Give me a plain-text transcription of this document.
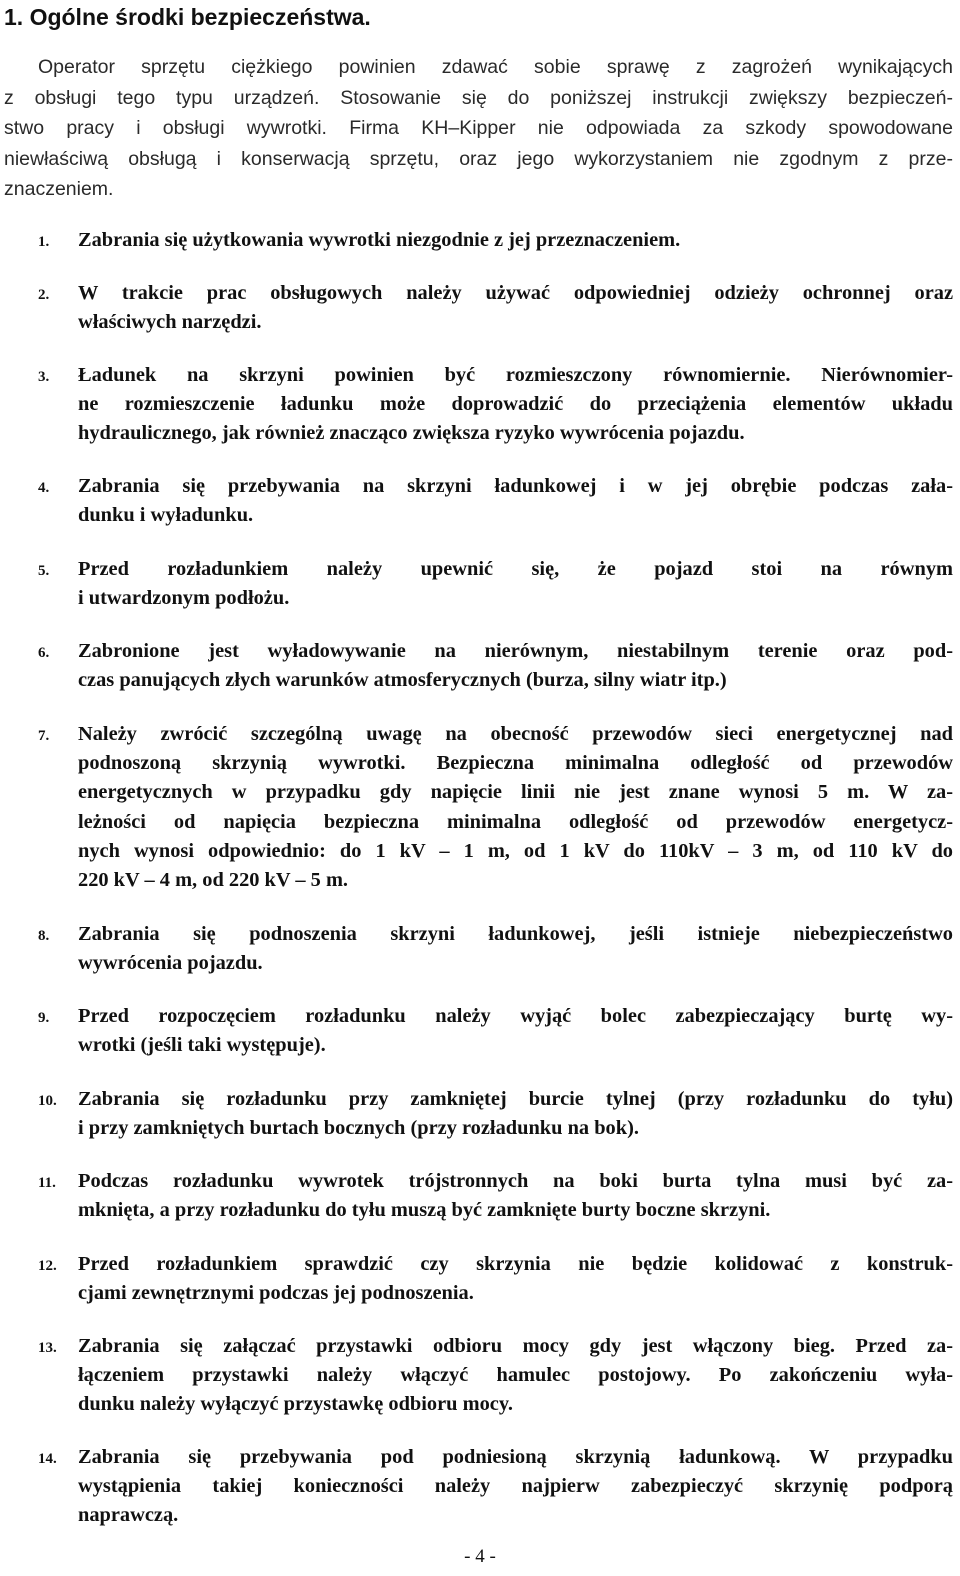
1. Ogólne środki bezpieczeństwa.
Operator sprzętu ciężkiego powinien zdawać sobie sprawę z zagrożeń wynikających
z obsługi tego typu urządzeń. Stosowanie się do poniższej instrukcji zwiększy bezpieczeń-
stwo pracy i obsługi wywrotki. Firma KH–Kipper nie odpowiada za szkody spowodowane
niewłaściwą obsługą i konserwacją sprzętu, oraz jego wykorzystaniem nie zgodnym z prze-
znaczeniem.
1. Zabrania się użytkowania wywrotki niezgodnie z jej przeznaczeniem.
2. W trakcie prac obsługowych należy używać odpowiedniej odzieży ochronnej oraz
właściwych narzędzi.
3. Ładunek na skrzyni powinien być rozmieszczony równomiernie. Nierównomier-
ne rozmieszczenie ładunku może doprowadzić do przeciążenia elementów układu
hydraulicznego, jak również znacząco zwiększa ryzyko wywrócenia pojazdu.
4. Zabrania się przebywania na skrzyni ładunkowej i w jej obrębie podczas zała-
dunku i wyładunku.
5. Przed rozładunkiem należy upewnić się, że pojazd stoi na równym
i utwardzonym podłożu.
6. Zabronione jest wyładowywanie na nierównym, niestabilnym terenie oraz pod-
czas panujących złych warunków atmosferycznych (burza, silny wiatr itp.)
7. Należy zwrócić szczególną uwagę na obecność przewodów sieci energetycznej nad
podnoszoną skrzynią wywrotki. Bezpieczna minimalna odległość od przewodów
energetycznych w przypadku gdy napięcie linii nie jest znane wynosi 5 m. W za-
leżności od napięcia bezpieczna minimalna odległość od przewodów energetycz-
nych wynosi odpowiednio: do 1 kV – 1 m, od 1 kV do 110kV – 3 m, od 110 kV do
220 kV – 4 m, od 220 kV – 5 m.
8. Zabrania się podnoszenia skrzyni ładunkowej, jeśli istnieje niebezpieczeństwo
wywrócenia pojazdu.
9. Przed rozpoczęciem rozładunku należy wyjąć bolec zabezpieczający burtę wy-
wrotki (jeśli taki występuje).
10. Zabrania się rozładunku przy zamkniętej burcie tylnej (przy rozładunku do tyłu)
i przy zamkniętych burtach bocznych (przy rozładunku na bok).
11. Podczas rozładunku wywrotek trójstronnych na boki burta tylna musi być za-
mknięta, a przy rozładunku do tyłu muszą być zamknięte burty boczne skrzyni.
12. Przed rozładunkiem sprawdzić czy skrzynia nie będzie kolidować z konstruk-
cjami zewnętrznymi podczas jej podnoszenia.
13. Zabrania się załączać przystawki odbioru mocy gdy jest włączony bieg. Przed za-
łączeniem przystawki należy włączyć hamulec postojowy. Po zakończeniu wyła-
dunku należy wyłączyć przystawkę odbioru mocy.
14. Zabrania się przebywania pod podniesioną skrzynią ładunkową. W przypadku
wystąpienia takiej konieczności należy najpierw zabezpieczyć skrzynię podporą
naprawczą.
- 4 -
